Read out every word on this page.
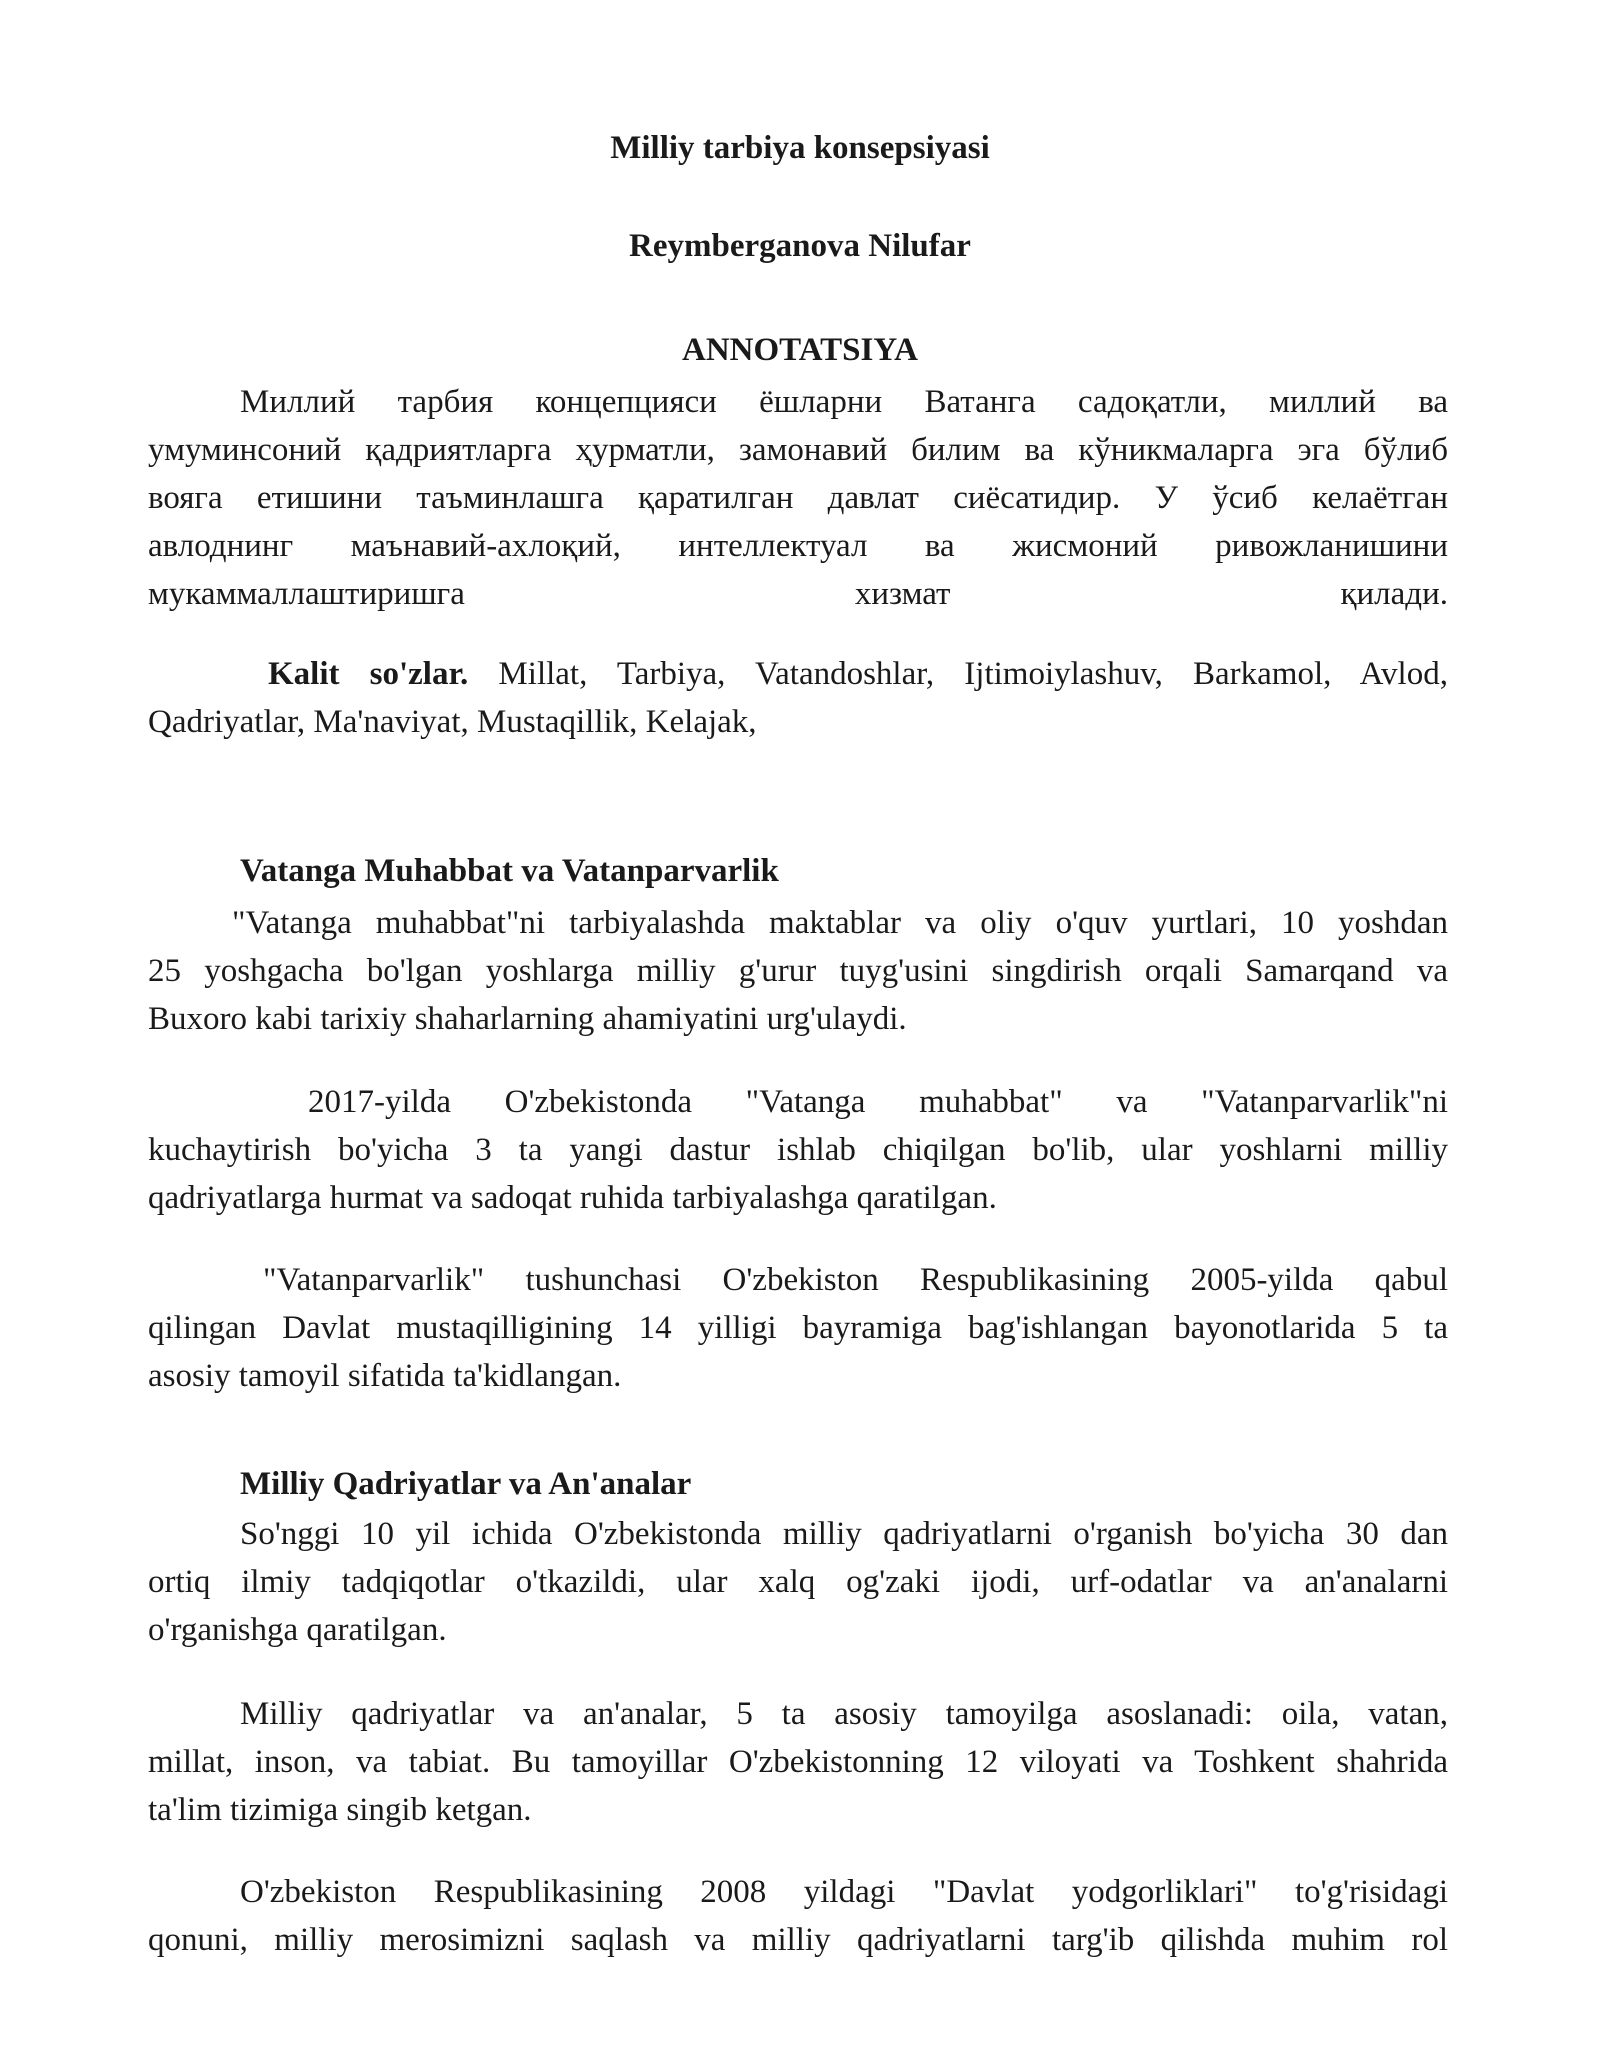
Milliy tarbiya konsepsiyasi
Reymberganova Nilufar
ANNOTATSIYA
Миллий тарбия концепцияси ёшларни Ватанга садоқатли, миллий ва
умуминсоний қадриятларга ҳурматли, замонавий билим ва кўникмаларга эга бўлиб
вояга етишини таъминлашга қаратилган давлат сиёсатидир. У ўсиб келаётган
авлоднинг маънавий-ахлоқий, интеллектуал ва жисмоний ривожланишини
мукаммаллаштиришга хизмат қилади.
Kalit so'zlar. Millat, Tarbiya, Vatandoshlar, Ijtimoiylashuv, Barkamol, Avlod,
Qadriyatlar, Ma'naviyat, Mustaqillik, Kelajak,
Vatanga Muhabbat va Vatanparvarlik
"Vatanga muhabbat"ni tarbiyalashda maktablar va oliy o'quv yurtlari, 10 yoshdan
25 yoshgacha bo'lgan yoshlarga milliy g'urur tuyg'usini singdirish orqali Samarqand va
Buxoro kabi tarixiy shaharlarning ahamiyatini urg'ulaydi.
2017-yilda O'zbekistonda "Vatanga muhabbat" va "Vatanparvarlik"ni
kuchaytirish bo'yicha 3 ta yangi dastur ishlab chiqilgan bo'lib, ular yoshlarni milliy
qadriyatlarga hurmat va sadoqat ruhida tarbiyalashga qaratilgan.
"Vatanparvarlik" tushunchasi O'zbekiston Respublikasining 2005-yilda qabul
qilingan Davlat mustaqilligining 14 yilligi bayramiga bag'ishlangan bayonotlarida 5 ta
asosiy tamoyil sifatida ta'kidlangan.
Milliy Qadriyatlar va An'analar
So'nggi 10 yil ichida O'zbekistonda milliy qadriyatlarni o'rganish bo'yicha 30 dan
ortiq ilmiy tadqiqotlar o'tkazildi, ular xalq og'zaki ijodi, urf-odatlar va an'analarni
o'rganishga qaratilgan.
Milliy qadriyatlar va an'analar, 5 ta asosiy tamoyilga asoslanadi: oila, vatan,
millat, inson, va tabiat. Bu tamoyillar O'zbekistonning 12 viloyati va Toshkent shahrida
ta'lim tizimiga singib ketgan.
O'zbekiston Respublikasining 2008 yildagi "Davlat yodgorliklari" to'g'risidagi
qonuni, milliy merosimizni saqlash va milliy qadriyatlarni targ'ib qilishda muhim rol
